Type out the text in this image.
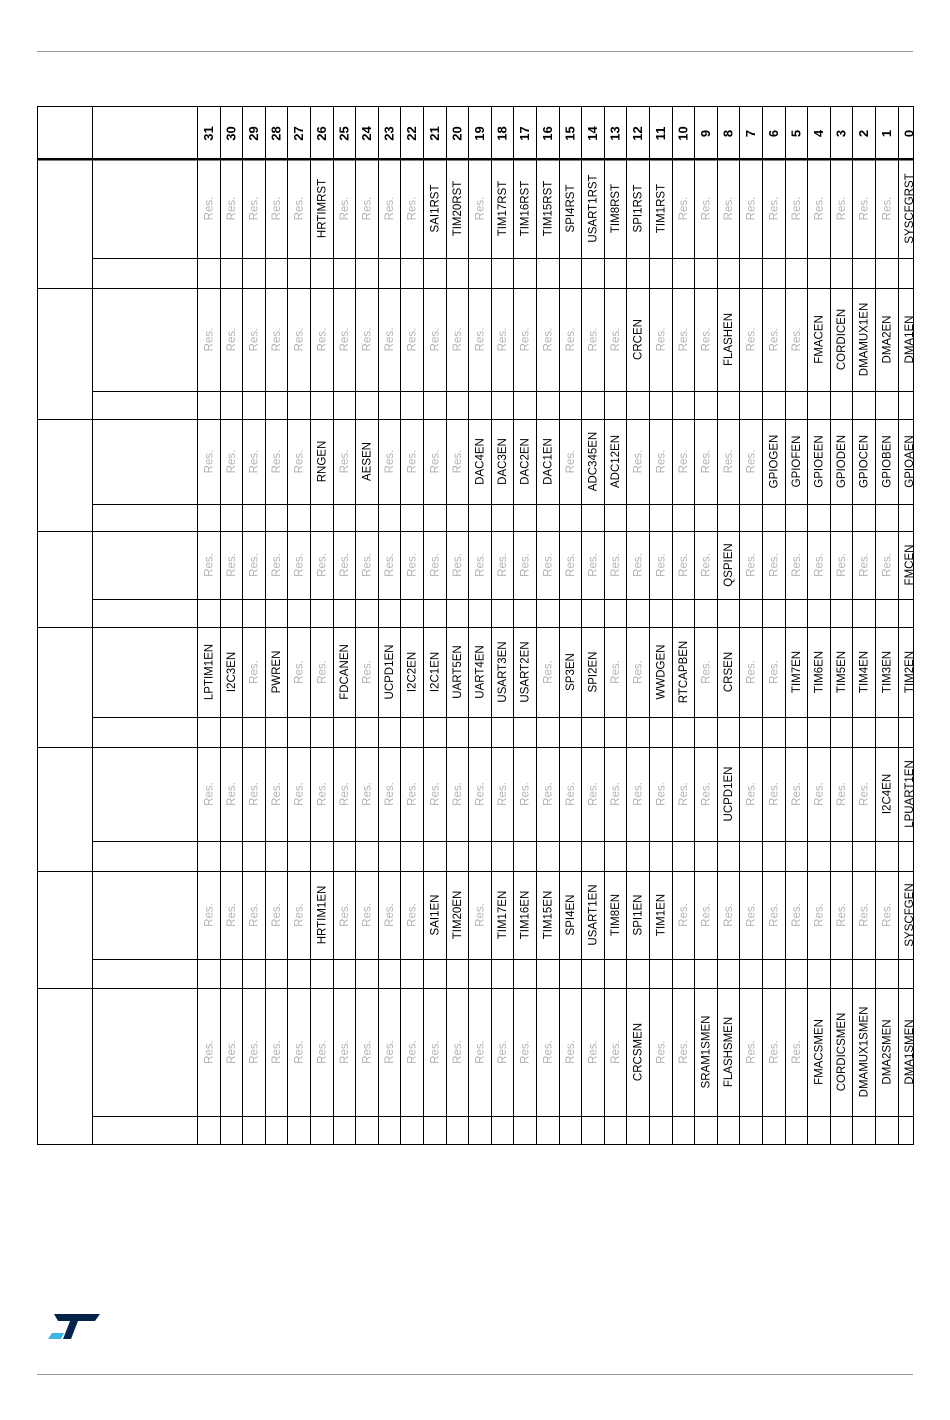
31 30 29 28 27 26 25 24 23 22 21 20 19 18 17 16 15 14 13 12 11 10 9 8 7 6 5 4 3 2 1 0
Res. Res. Res. Res. Res. HRTIMRST Res. Res. Res. Res. SAI1RST TIM20RST Res. TIM17RST TIM16RST TIM15RST SPI4RST USART1RST TIM8RST SPI1RST TIM1RST Res. Res. Res. Res. Res. Res. Res. Res. Res. Res. SYSCFGRST
Res. Res. Res. Res. Res. Res. Res. Res. Res. Res. Res. Res. Res. Res. Res. Res. Res. Res. Res. CRCEN Res. Res. Res. FLASHEN Res. Res. Res. FMACEN CORDICEN DMAMUX1EN DMA2EN DMA1EN
Res. Res. Res. Res. Res. RNGEN Res. AESEN Res. Res. Res. Res. DAC4EN DAC3EN DAC2EN DAC1EN Res. ADC345EN ADC12EN Res. Res. Res. Res. Res. Res. GPIOGEN GPIOFEN GPIOEEN GPIODEN GPIOCEN GPIOBEN GPIOAEN
Res. Res. Res. Res. Res. Res. Res. Res. Res. Res. Res. Res. Res. Res. Res. Res. Res. Res. Res. Res. Res. Res. Res. QSPIEN Res. Res. Res. Res. Res. Res. Res. FMCEN
LPTIM1EN I2C3EN Res. PWREN Res. Res. FDCANEN Res. UCPD1EN I2C2EN I2C1EN UART5EN UART4EN USART3EN USART2EN Res. SP3EN SPI2EN Res. Res. WWDGEN RTCAPBEN Res. CRSEN Res. Res. TIM7EN TIM6EN TIM5EN TIM4EN TIM3EN TIM2EN
Res. Res. Res. Res. Res. Res. Res. Res. Res. Res. Res. Res. Res. Res. Res. Res. Res. Res. Res. Res. Res. Res. Res. UCPD1EN Res. Res. Res. Res. Res. Res. I2C4EN LPUART1EN
Res. Res. Res. Res. Res. HRTIM1EN Res. Res. Res. Res. SAI1EN TIM20EN Res. TIM17EN TIM16EN TIM15EN SPI4EN USART1EN TIM8EN SPI1EN TIM1EN Res. Res. Res. Res. Res. Res. Res. Res. Res. Res. SYSCFGEN
Res. Res. Res. Res. Res. Res. Res. Res. Res. Res. Res. Res. Res. Res. Res. Res. Res. Res. Res. CRCSMEN Res. Res. SRAM1SMEN FLASHSMEN Res. Res. Res. FMACSMEN CORDICSMEN DMAMUX1SMEN DMA2SMEN DMA1SMEN
